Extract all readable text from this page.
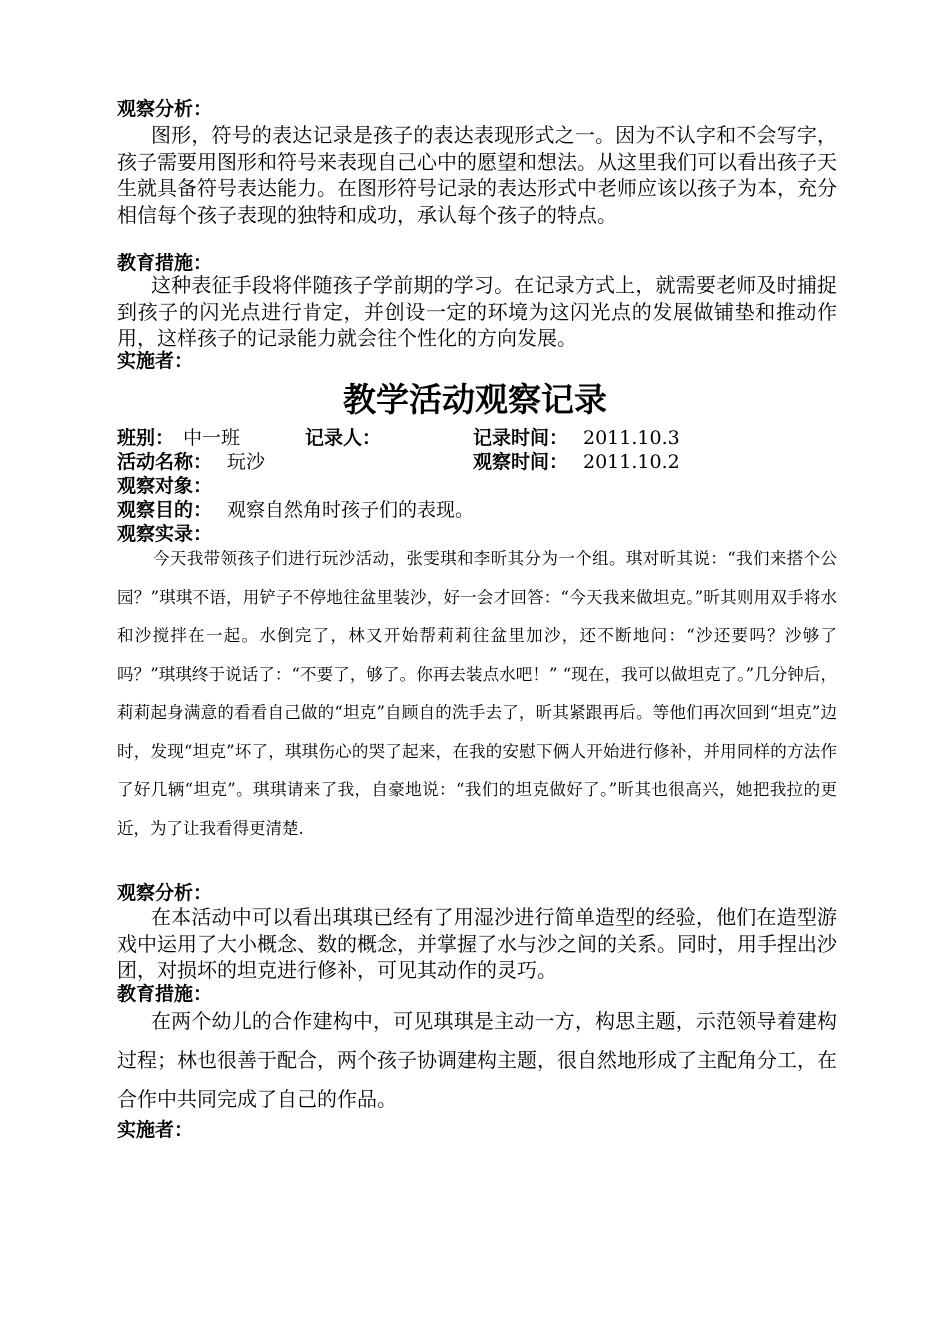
观察分析：
图形，符号的表达记录是孩子的表达表现形式之一。因为不认字和不会写字，孩子需要用图形和符号来表现自己心中的愿望和想法。从这里我们可以看出孩子天生就具备符号表达能力。在图形符号记录的表达形式中老师应该以孩子为本，充分相信每个孩子表现的独特和成功，承认每个孩子的特点。
教育措施：
这种表征手段将伴随孩子学前期的学习。在记录方式上，就需要老师及时捕捉到孩子的闪光点进行肯定，并创设一定的环境为这闪光点的发展做铺垫和推动作用，这样孩子的记录能力就会往个性化的方向发展。
实施者：
教学活动观察记录
班别： 中一班	记录人：	记录时间： 2011.10.3
活动名称： 玩沙	观察时间： 2011.10.2
观察对象：
观察目的： 观察自然角时孩子们的表现。
观察实录：
今天我带领孩子们进行玩沙活动，张雯琪和李昕其分为一个组。琪对昕其说：“我们来搭个公园？”琪琪不语，用铲子不停地往盆里装沙，好一会才回答：“今天我来做坦克。”昕其则用双手将水和沙搅拌在一起。水倒完了，林又开始帮莉莉往盆里加沙，还不断地问：“沙还要吗？沙够了吗？”琪琪终于说话了：“不要了，够了。你再去装点水吧！” “现在，我可以做坦克了。”几分钟后，莉莉起身满意的看看自己做的“坦克”自顾自的洗手去了，昕其紧跟再后。等他们再次回到“坦克”边时，发现“坦克”坏了，琪琪伤心的哭了起来，在我的安慰下俩人开始进行修补，并用同样的方法作了好几辆“坦克”。琪琪请来了我，自豪地说：“我们的坦克做好了。”昕其也很高兴，她把我拉的更近，为了让我看得更清楚.
观察分析：
在本活动中可以看出琪琪已经有了用湿沙进行简单造型的经验，他们在造型游戏中运用了大小概念、数的概念，并掌握了水与沙之间的关系。同时，用手捏出沙团，对损坏的坦克进行修补，可见其动作的灵巧。
教育措施：
在两个幼儿的合作建构中，可见琪琪是主动一方，构思主题，示范领导着建构过程；林也很善于配合，两个孩子协调建构主题，很自然地形成了主配角分工，在合作中共同完成了自己的作品。
实施者：
